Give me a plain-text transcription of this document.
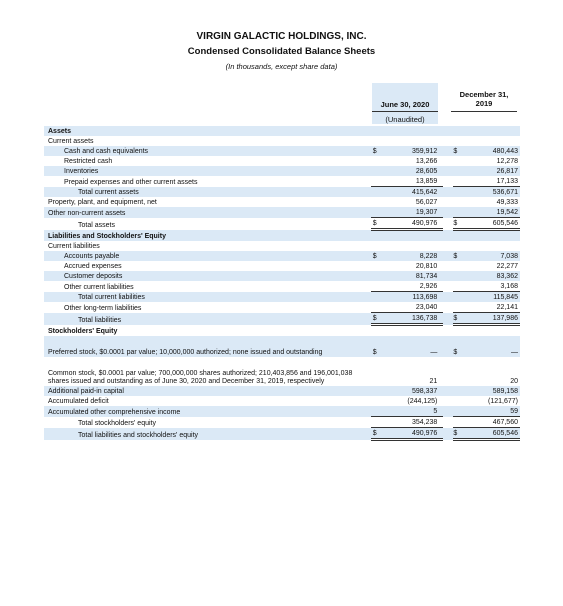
VIRGIN GALACTIC HOLDINGS, INC.
Condensed Consolidated Balance Sheets
(In thousands, except share data)
June 30, 2020
(Unaudited)
December 31,
2019
Assets					
Current assets					
Cash and cash equivalents	$	359,912		$	480,443
Restricted cash		13,266			12,278
Inventories		28,605			26,817
Prepaid expenses and other current assets		13,859			17,133
Total current assets		415,642			536,671
Property, plant, and equipment, net		56,027			49,333
Other non-current assets		19,307			19,542
Total assets	$	490,976		$	605,546
Liabilities and Stockholders' Equity					
Current liabilities					
Accounts payable	$	8,228		$	7,038
Accrued expenses		20,810			22,277
Customer deposits		81,734			83,362
Other current liabilities		2,926			3,168
Total current liabilities		113,698			115,845
Other long-term liabilities		23,040			22,141
Total liabilities	$	136,738		$	137,986
Stockholders' Equity					
Preferred stock, $0.0001 par value; 10,000,000 authorized; none issued and outstanding	$	—		$	—
Common stock, $0.0001 par value; 700,000,000 shares authorized; 210,403,856 and 196,001,038 shares issued and outstanding as of June 30, 2020 and December 31, 2019, respectively		21			20
Additional paid-in capital		598,337			589,158
Accumulated deficit		(244,125)			(121,677)
Accumulated other comprehensive income		5			59
Total stockholders' equity		354,238			467,560
Total liabilities and stockholders' equity	$	490,976		$	605,546
